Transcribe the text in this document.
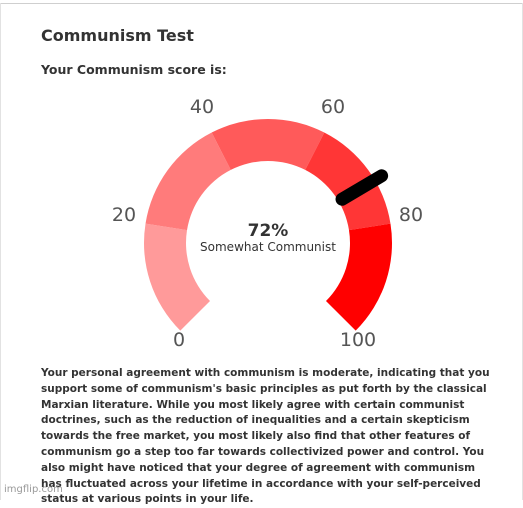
Communism Test
Your Communism score is:
0
20
40	60
80
100
72%
Somewhat Communist

Your personal agreement with communism is moderate, indicating that you support some of communism's basic principles as put forth by the classical Marxian literature. While you most likely agree with certain communist doctrines, such as the reduction of inequalities and a certain skepticism towards the free market, you most likely also find that other features of communism go a step too far towards collectivized power and control. You also might have noticed that your degree of agreement with communism has fluctuated across your lifetime in accordance with your self-perceived status at various points in your life.

imgflip.com
